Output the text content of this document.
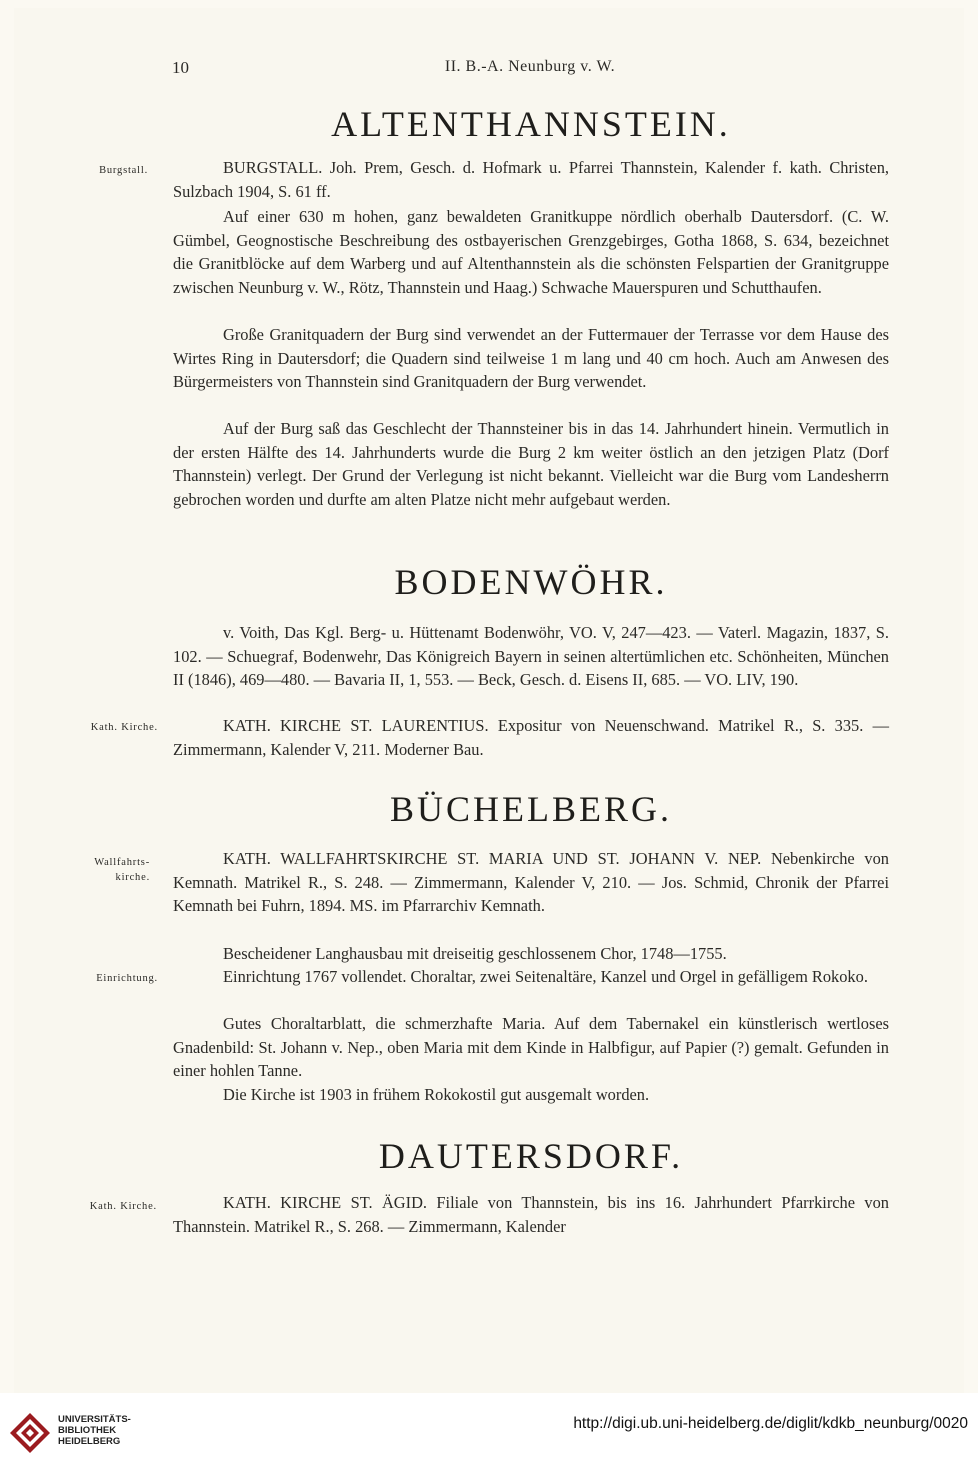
10	II. B.-A. Neunburg v. W.
ALTENTHANNSTEIN.
Burgstall.	BURGSTALL. Joh. Prem, Gesch. d. Hofmark u. Pfarrei Thannstein, Kalender f. kath. Christen, Sulzbach 1904, S. 61 ff.

Auf einer 630 m hohen, ganz bewaldeten Granitkuppe nördlich oberhalb Dautersdorf. (C. W. Gümbel, Geognostische Beschreibung des ostbayerischen Grenzgebirges, Gotha 1868, S. 634, bezeichnet die Granitblöcke auf dem Warberg und auf Altenthannstein als die schönsten Felspartien der Granitgruppe zwischen Neunburg v. W., Rötz, Thannstein und Haag.) Schwache Mauerspuren und Schutthaufen.

Große Granitquadern der Burg sind verwendet an der Futtermauer der Terrasse vor dem Hause des Wirtes Ring in Dautersdorf; die Quadern sind teilweise 1 m lang und 40 cm hoch. Auch am Anwesen des Bürgermeisters von Thannstein sind Granitquadern der Burg verwendet.

Auf der Burg saß das Geschlecht der Thannsteiner bis in das 14. Jahrhundert hinein. Vermutlich in der ersten Hälfte des 14. Jahrhunderts wurde die Burg 2 km weiter östlich an den jetzigen Platz (Dorf Thannstein) verlegt. Der Grund der Verlegung ist nicht bekannt. Vielleicht war die Burg vom Landesherrn gebrochen worden und durfte am alten Platze nicht mehr aufgebaut werden.

BODENWÖHR.

v. Voith, Das Kgl. Berg- u. Hüttenamt Bodenwöhr, VO. V, 247—423. — Vaterl. Magazin, 1837, S. 102. — Schuegraf, Bodenwehr, Das Königreich Bayern in seinen altertümlichen etc. Schönheiten, München II (1846), 469—480. — Bavaria II, 1, 553. — Beck, Gesch. d. Eisens II, 685. — VO. LIV, 190.

Kath. Kirche.	KATH. KIRCHE ST. LAURENTIUS. Expositur von Neuenschwand. Matrikel R., S. 335. — Zimmermann, Kalender V, 211. Moderner Bau.

BÜCHELBERG.
Wallfahrts-
kirche.

KATH. WALLFAHRTSKIRCHE ST. MARIA UND ST. JOHANN V. NEP. Nebenkirche von Kemnath. Matrikel R., S. 248. — Zimmermann, Kalender V, 210. — Jos. Schmid, Chronik der Pfarrei Kemnath bei Fuhrn, 1894. MS. im Pfarrarchiv Kemnath.

Bescheidener Langhausbau mit dreiseitig geschlossenem Chor, 1748—1755.

Einrichtung.	Einrichtung 1767 vollendet. Choraltar, zwei Seitenaltäre, Kanzel und Orgel in gefälligem Rokoko.

Gutes Choraltarblatt, die schmerzhafte Maria. Auf dem Tabernakel ein künstlerisch wertloses Gnadenbild: St. Johann v. Nep., oben Maria mit dem Kinde in Halbfigur, auf Papier (?) gemalt. Gefunden in einer hohlen Tanne.

Die Kirche ist 1903 in frühem Rokokostil gut ausgemalt worden.

DAUTERSDORF.
Kath. Kirche.	KATH. KIRCHE ST. ÄGID. Filiale von Thannstein, bis ins 16. Jahrhundert Pfarrkirche von Thannstein. Matrikel R., S. 268. — Zimmermann, Kalender

UNIVERSITÄTS-
BIBLIOTHEK
HEIDELBERG
http://digi.ub.uni-heidelberg.de/diglit/kdkb_neunburg/0020
